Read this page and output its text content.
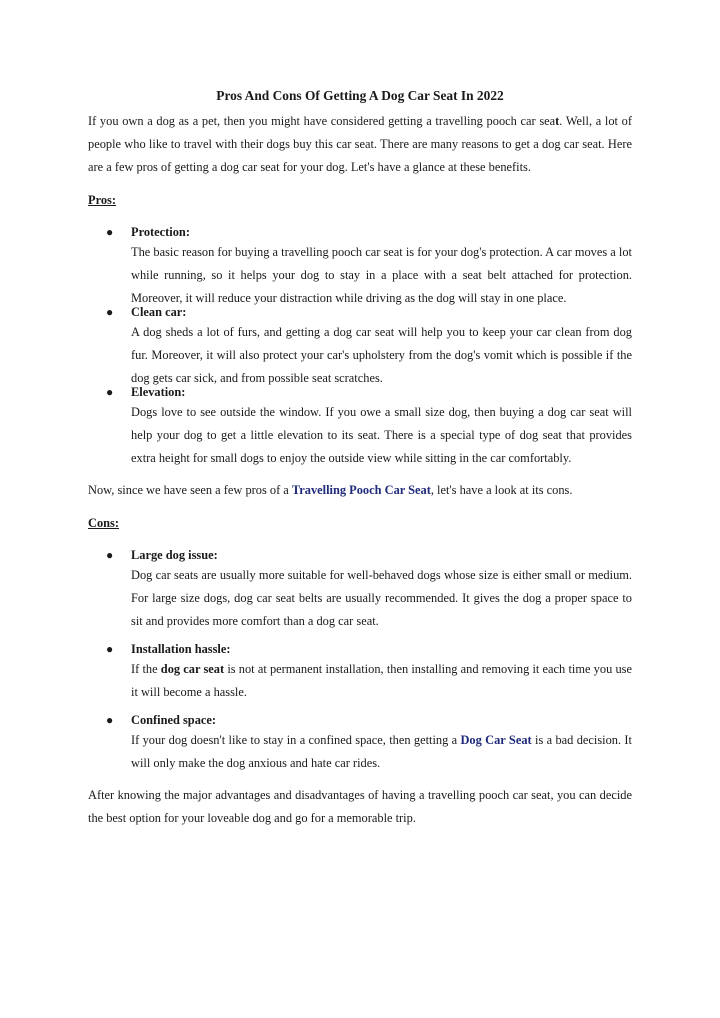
Pros And Cons Of Getting A Dog Car Seat In 2022

If you own a dog as a pet, then you might have considered getting a travelling pooch car seat. Well, a lot of people who like to travel with their dogs buy this car seat. There are many reasons to get a dog car seat. Here are a few pros of getting a dog car seat for your dog. Let's have a glance at these benefits.

Pros:

● Protection:
The basic reason for buying a travelling pooch car seat is for your dog's protection. A car moves a lot while running, so it helps your dog to stay in a place with a seat belt attached for protection. Moreover, it will reduce your distraction while driving as the dog will stay in one place.
● Clean car:
A dog sheds a lot of furs, and getting a dog car seat will help you to keep your car clean from dog fur. Moreover, it will also protect your car's upholstery from the dog's vomit which is possible if the dog gets car sick, and from possible seat scratches.
● Elevation:
Dogs love to see outside the window. If you owe a small size dog, then buying a dog car seat will help your dog to get a little elevation to its seat. There is a special type of dog seat that provides extra height for small dogs to enjoy the outside view while sitting in the car comfortably.

Now, since we have seen a few pros of a Travelling Pooch Car Seat, let's have a look at its cons.

Cons:

● Large dog issue:
Dog car seats are usually more suitable for well-behaved dogs whose size is either small or medium. For large size dogs, dog car seat belts are usually recommended. It gives the dog a proper space to sit and provides more comfort than a dog car seat.
● Installation hassle:
If the dog car seat is not at permanent installation, then installing and removing it each time you use it will become a hassle.
● Confined space:
If your dog doesn't like to stay in a confined space, then getting a Dog Car Seat is a bad decision. It will only make the dog anxious and hate car rides.

After knowing the major advantages and disadvantages of having a travelling pooch car seat, you can decide the best option for your loveable dog and go for a memorable trip.
